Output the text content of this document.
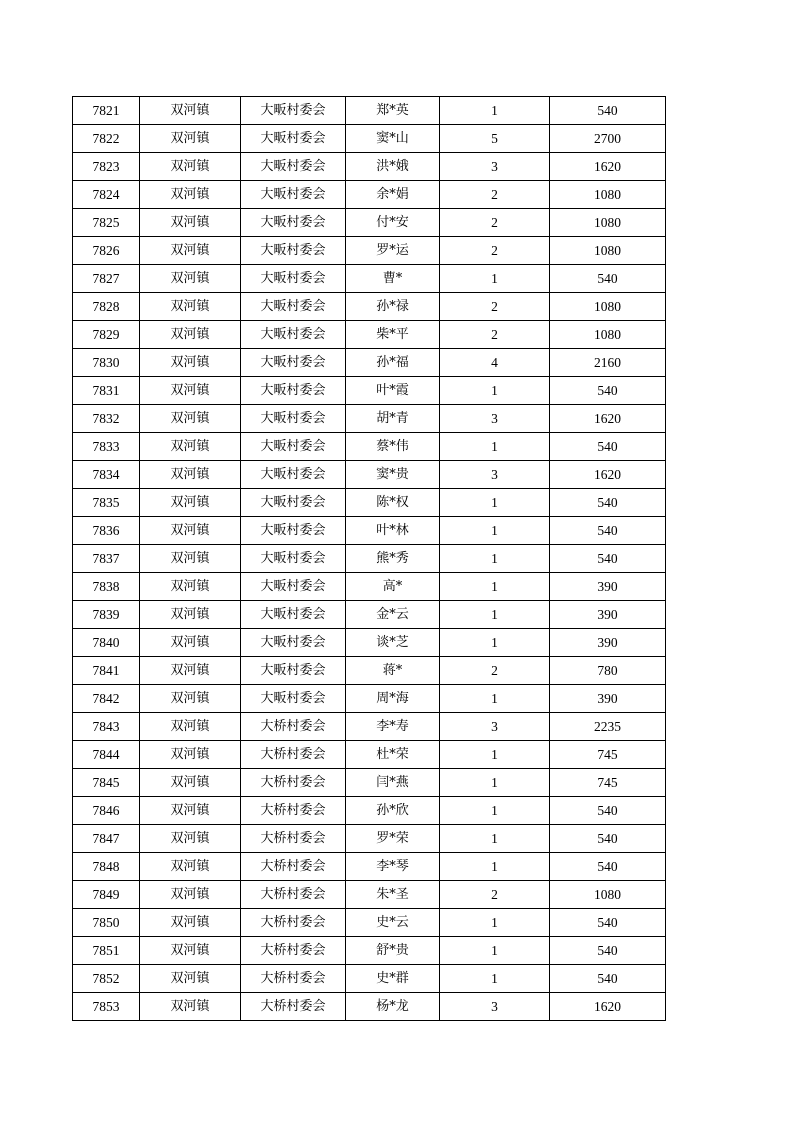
7821	双河镇	大畈村委会	郑*英	1	540
7822	双河镇	大畈村委会	窦*山	5	2700
7823	双河镇	大畈村委会	洪*娥	3	1620
7824	双河镇	大畈村委会	余*娟	2	1080
7825	双河镇	大畈村委会	付*安	2	1080
7826	双河镇	大畈村委会	罗*运	2	1080
7827	双河镇	大畈村委会	曹*	1	540
7828	双河镇	大畈村委会	孙*禄	2	1080
7829	双河镇	大畈村委会	柴*平	2	1080
7830	双河镇	大畈村委会	孙*福	4	2160
7831	双河镇	大畈村委会	叶*霞	1	540
7832	双河镇	大畈村委会	胡*青	3	1620
7833	双河镇	大畈村委会	蔡*伟	1	540
7834	双河镇	大畈村委会	窦*贵	3	1620
7835	双河镇	大畈村委会	陈*权	1	540
7836	双河镇	大畈村委会	叶*林	1	540
7837	双河镇	大畈村委会	熊*秀	1	540
7838	双河镇	大畈村委会	高*	1	390
7839	双河镇	大畈村委会	金*云	1	390
7840	双河镇	大畈村委会	谈*芝	1	390
7841	双河镇	大畈村委会	蒋*	2	780
7842	双河镇	大畈村委会	周*海	1	390
7843	双河镇	大桥村委会	李*寿	3	2235
7844	双河镇	大桥村委会	杜*荣	1	745
7845	双河镇	大桥村委会	闫*燕	1	745
7846	双河镇	大桥村委会	孙*欣	1	540
7847	双河镇	大桥村委会	罗*荣	1	540
7848	双河镇	大桥村委会	李*琴	1	540
7849	双河镇	大桥村委会	朱*圣	2	1080
7850	双河镇	大桥村委会	史*云	1	540
7851	双河镇	大桥村委会	舒*贵	1	540
7852	双河镇	大桥村委会	史*群	1	540
7853	双河镇	大桥村委会	杨*龙	3	1620
